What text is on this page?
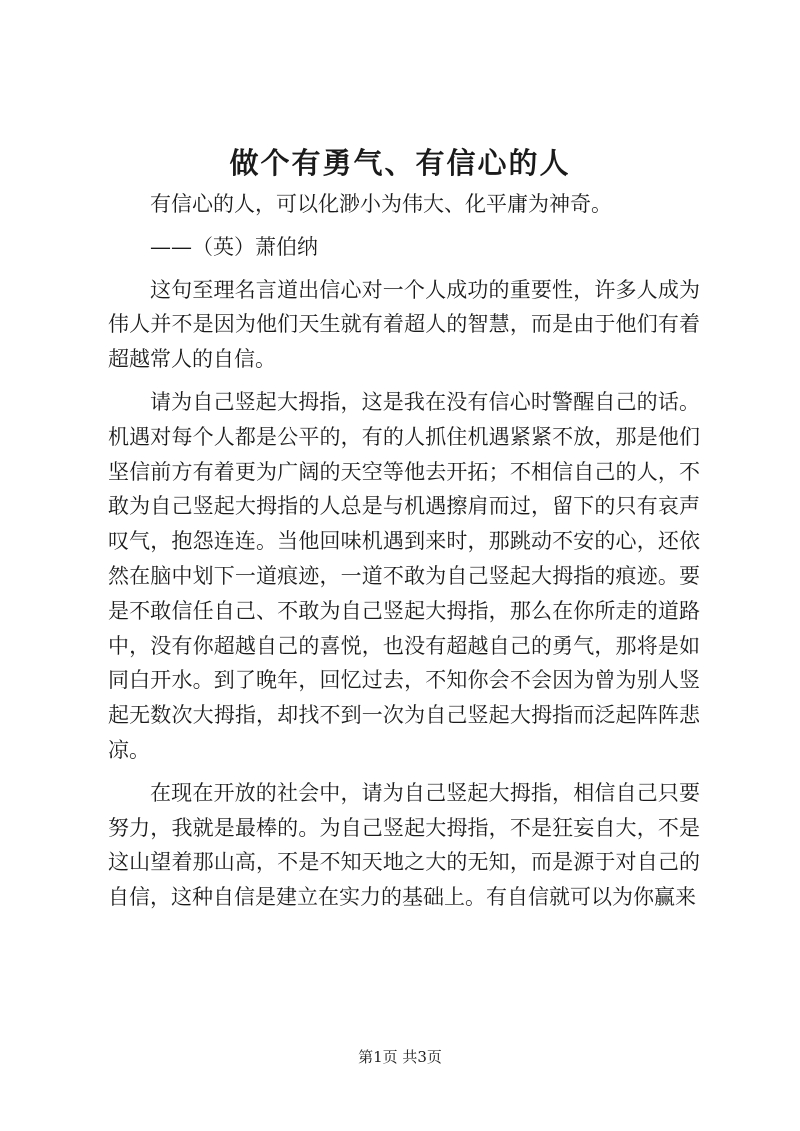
做个有勇气、有信心的人

有信心的人，可以化渺小为伟大、化平庸为神奇。

——（英）萧伯纳

这句至理名言道出信心对一个人成功的重要性，许多人成为伟人并不是因为他们天生就有着超人的智慧，而是由于他们有着超越常人的自信。

请为自己竖起大拇指，这是我在没有信心时警醒自己的话。机遇对每个人都是公平的，有的人抓住机遇紧紧不放，那是他们坚信前方有着更为广阔的天空等他去开拓；不相信自己的人，不敢为自己竖起大拇指的人总是与机遇擦肩而过，留下的只有哀声叹气，抱怨连连。当他回味机遇到来时，那跳动不安的心，还依然在脑中划下一道痕迹，一道不敢为自己竖起大拇指的痕迹。要是不敢信任自己、不敢为自己竖起大拇指，那么在你所走的道路中，没有你超越自己的喜悦，也没有超越自己的勇气，那将是如同白开水。到了晚年，回忆过去，不知你会不会因为曾为别人竖起无数次大拇指，却找不到一次为自己竖起大拇指而泛起阵阵悲凉。

在现在开放的社会中，请为自己竖起大拇指，相信自己只要努力，我就是最棒的。为自己竖起大拇指，不是狂妄自大，不是这山望着那山高，不是不知天地之大的无知，而是源于对自己的自信，这种自信是建立在实力的基础上。有自信就可以为你赢来

第1页 共3页
